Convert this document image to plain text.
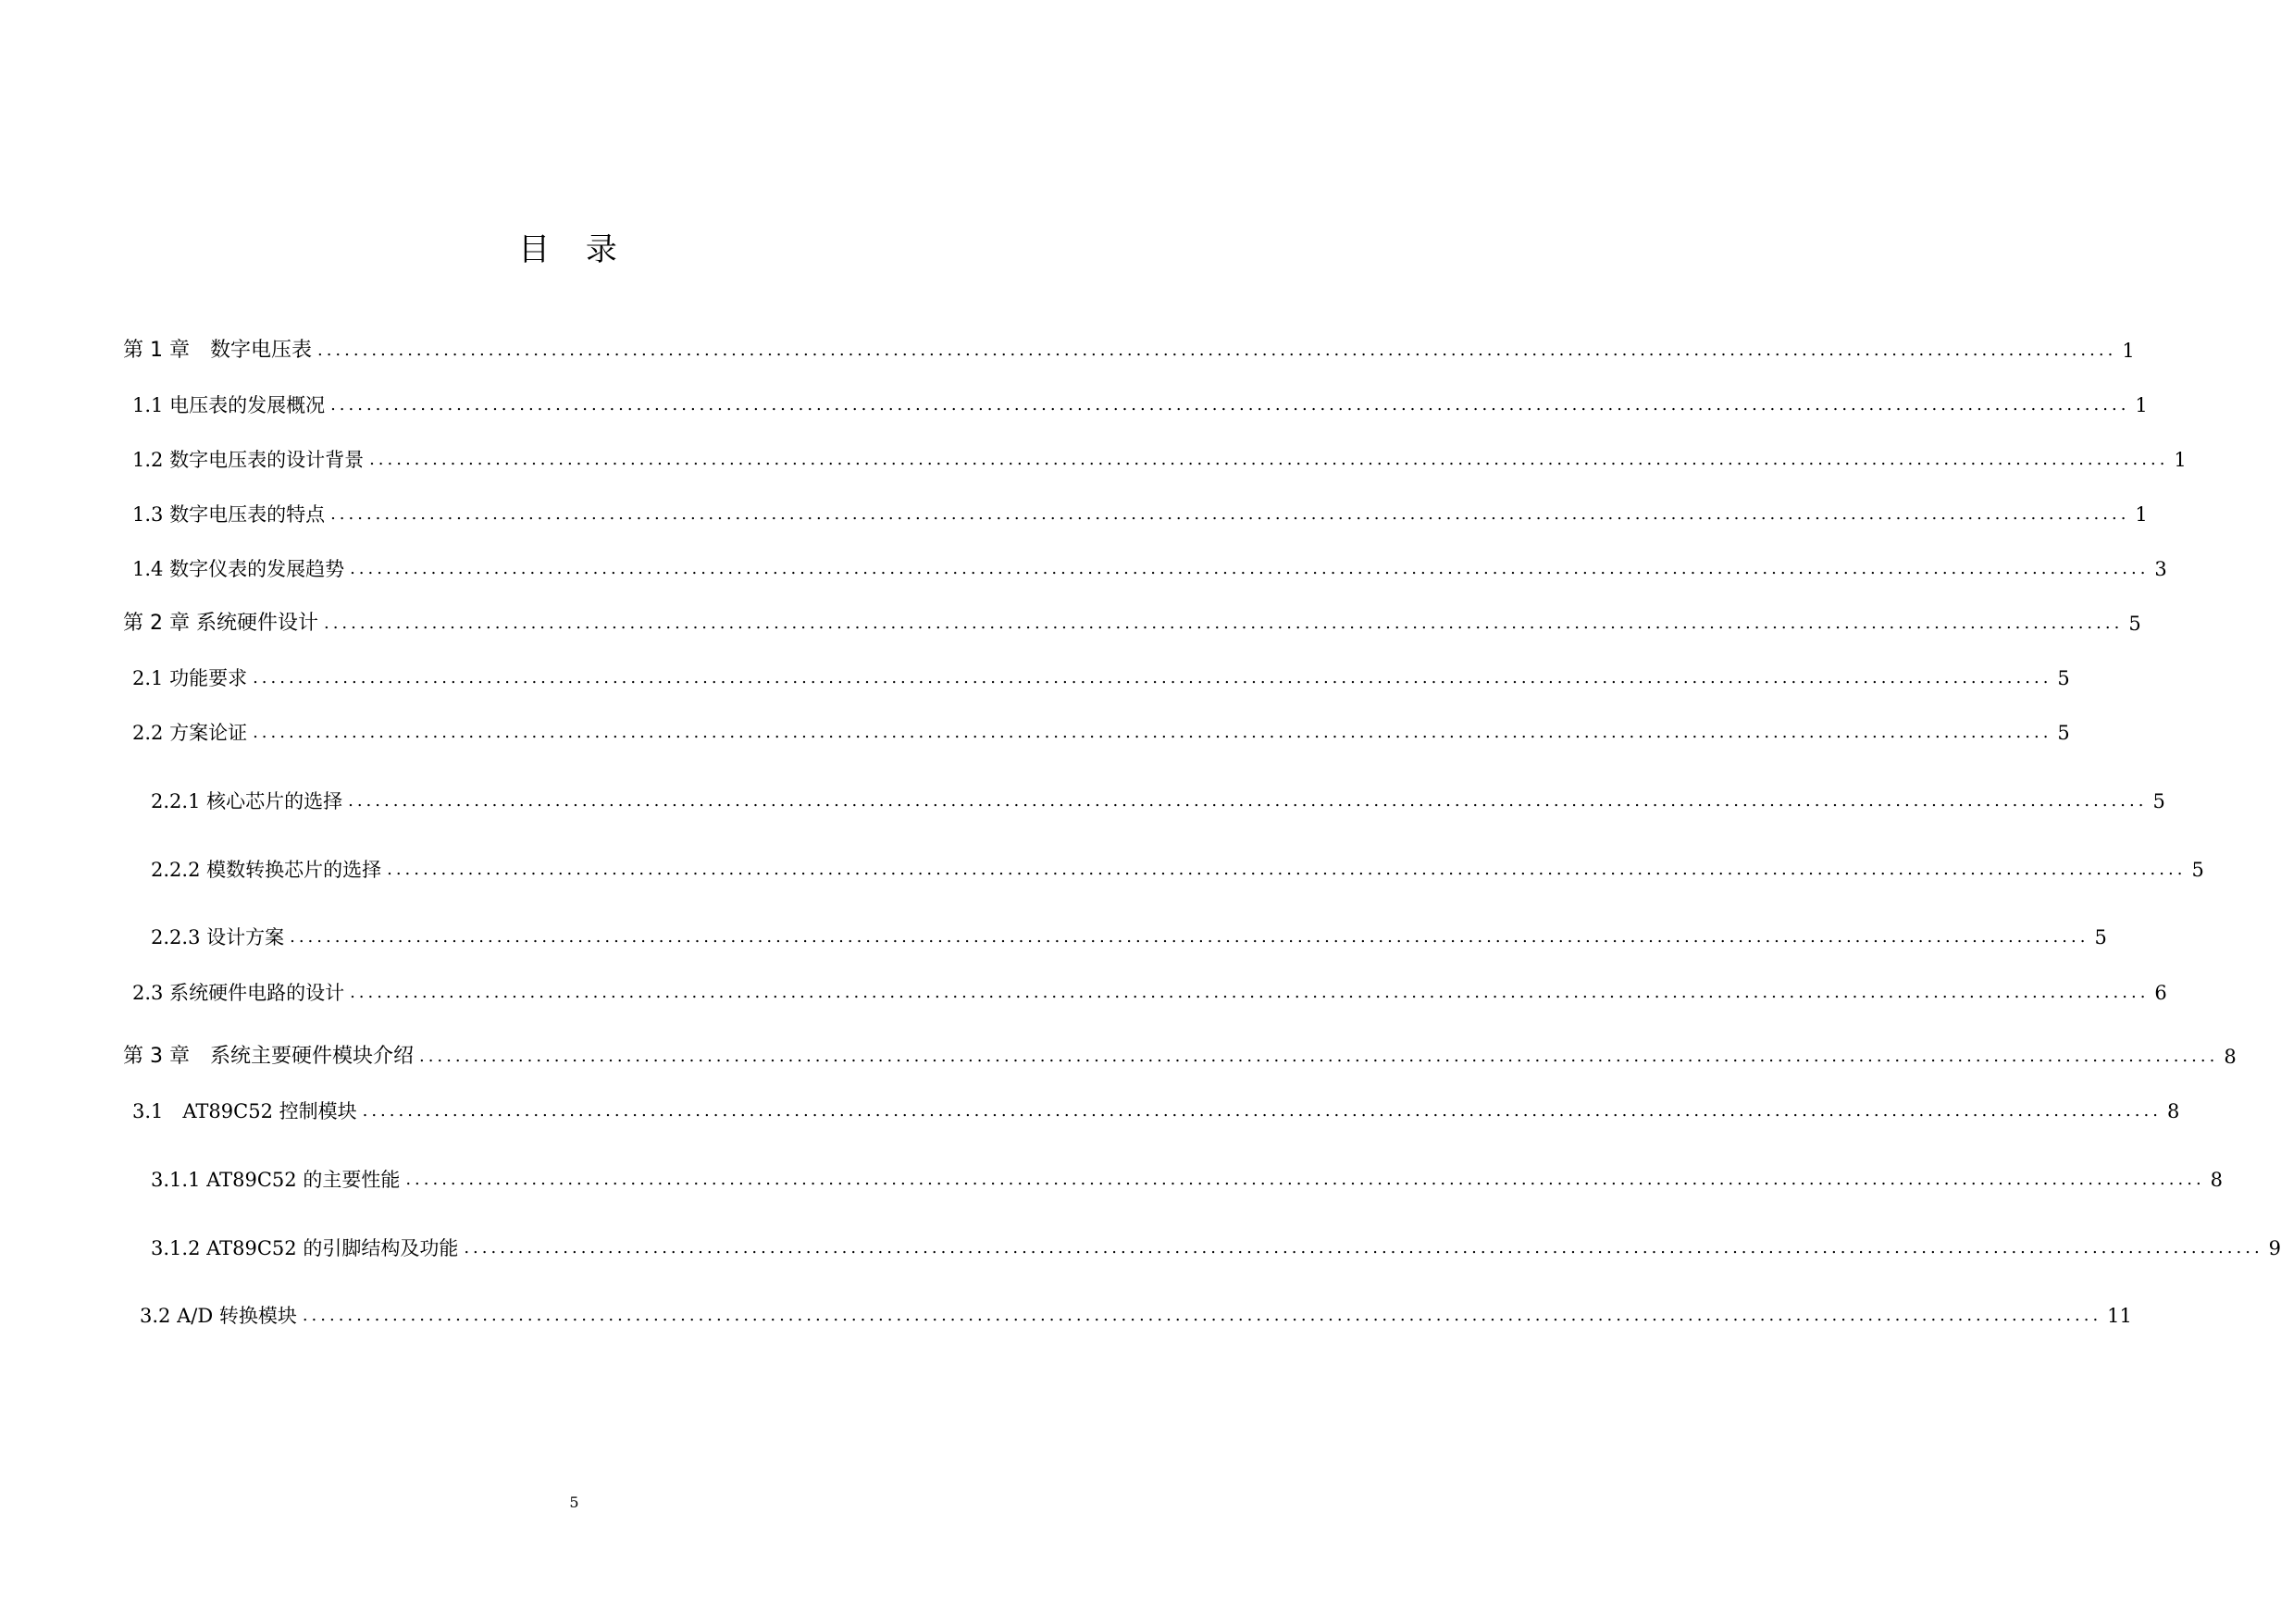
目 录
第 1 章　数字电压表 ........................................................................................................................................................................................................ 1
1.1 电压表的发展概况 ........................................................................................................................................................................................................ 1
1.2 数字电压表的设计背景 ........................................................................................................................................................................................................ 1
1.3 数字电压表的特点 ........................................................................................................................................................................................................ 1
1.4 数字仪表的发展趋势 ........................................................................................................................................................................................................ 3
第 2 章 系统硬件设计 ........................................................................................................................................................................................................ 5
2.1 功能要求 ........................................................................................................................................................................................................ 5
2.2 方案论证 ........................................................................................................................................................................................................ 5
2.2.1 核心芯片的选择 ........................................................................................................................................................................................................ 5
2.2.2 模数转换芯片的选择 ........................................................................................................................................................................................................ 5
2.2.3 设计方案 ........................................................................................................................................................................................................ 5
2.3 系统硬件电路的设计 ........................................................................................................................................................................................................ 6
第 3 章　系统主要硬件模块介绍 ........................................................................................................................................................................................................ 8
3.1　AT89C52 控制模块 ........................................................................................................................................................................................................ 8
3.1.1 AT89C52 的主要性能 ........................................................................................................................................................................................................ 8
3.1.2 AT89C52 的引脚结构及功能 ........................................................................................................................................................................................................ 9
3.2 A/D 转换模块 ........................................................................................................................................................................................................ 11
5
